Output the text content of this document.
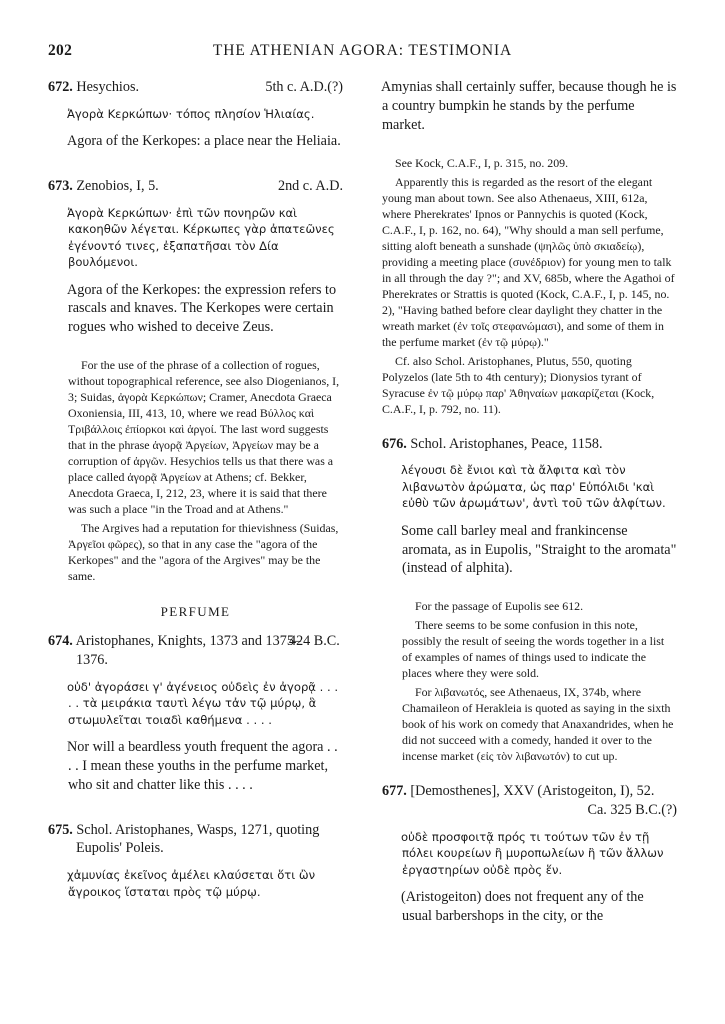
202	THE ATHENIAN AGORA: TESTIMONIA
5th c. A.D.(?)
672. Hesychios.
Ἀγορὰ Κερκώπων· τόπος πλησίον Ἡλιαίας.
Agora of the Kerkopes: a place near the Heliaia.
2nd c. A.D.
673. Zenobios, I, 5.
Ἀγορὰ Κερκώπων· ἐπὶ τῶν πονηρῶν καὶ κακοηθῶν λέγεται. Κέρκωπες γὰρ ἀπατεῶνες ἐγένοντό τινες, ἐξαπατῆσαι τὸν Δία βουλόμενοι.
Agora of the Kerkopes: the expression refers to rascals and knaves. The Kerkopes were certain rogues who wished to deceive Zeus.
For the use of the phrase of a collection of rogues, without topographical reference, see also Diogenianos, I, 3; Suidas, ἀγορὰ Κερκώπων; Cramer, Anecdota Graeca Oxoniensia, III, 413, 10, where we read Βύλλος καὶ Τριβάλλοις ἐπίορκοι καὶ ἀργοί. The last word suggests that in the phrase ἀγορᾷ Ἀργείων, Ἀργείων may be a corruption of ἀργῶν. Hesychios tells us that there was a place called ἀγορᾷ Ἀργείων at Athens; cf. Bekker, Anecdota Graeca, I, 212, 23, where it is said that there was such a place "in the Troad and at Athens."
The Argives had a reputation for thievishness (Suidas, Ἀργεῖοι φῶρες), so that in any case the "agora of the Kerkopes" and the "agora of the Argives" may be the same.
PERFUME
424 B.C.
674. Aristophanes, Knights, 1373 and 1375–1376.
οὐδ' ἀγοράσει γ' ἀγένειος οὐδεὶς ἐν ἀγορᾷ . . . . . τὰ μειράκια ταυτὶ λέγω τἀν τῷ μύρῳ, ἃ στωμυλεῖται τοιαδὶ καθήμενα . . . .
Nor will a beardless youth frequent the agora . . . . I mean these youths in the perfume market, who sit and chatter like this . . . .
675. Schol. Aristophanes, Wasps, 1271, quoting Eupolis' Poleis.
χἀμυνίας ἐκεῖνος ἀμέλει κλαύσεται ὅτι ὢν ἄγροικος ἵσταται πρὸς τῷ μύρῳ.
Amynias shall certainly suffer, because though he is a country bumpkin he stands by the perfume market.
See Kock, C.A.F., I, p. 315, no. 209.
Apparently this is regarded as the resort of the elegant young man about town. See also Athenaeus, XIII, 612a, where Pherekrates' Ipnos or Pannychis is quoted (Kock, C.A.F., I, p. 162, no. 64), "Why should a man sell perfume, sitting aloft beneath a sunshade (ψηλῶς ὑπὸ σκιαδείῳ), providing a meeting place (συνέδριον) for young men to talk in all through the day ?"; and XV, 685b, where the Agathoi of Pherekrates or Strattis is quoted (Kock, C.A.F., I, p. 145, no. 2), "Having bathed before clear daylight they chatter in the wreath market (ἐν τοῖς στεφανώμασι), and some of them in the perfume market (ἐν τῷ μύρῳ)."
Cf. also Schol. Aristophanes, Plutus, 550, quoting Polyzelos (late 5th to 4th century); Dionysios tyrant of Syracuse ἐν τῷ μύρῳ παρ' Ἀθηναίων μακαρίζεται (Kock, C.A.F., I, p. 792, no. 11).
676. Schol. Aristophanes, Peace, 1158.
λέγουσι δὲ ἔνιοι καὶ τὰ ἄλφιτα καὶ τὸν λιβανωτὸν ἀρώματα, ὡς παρ' Εὐπόλιδι 'καὶ εὐθὺ τῶν ἀρωμάτων', ἀντὶ τοῦ τῶν ἀλφίτων.
Some call barley meal and frankincense aromata, as in Eupolis, "Straight to the aromata" (instead of alphita).
For the passage of Eupolis see 612.
There seems to be some confusion in this note, possibly the result of seeing the words together in a list of examples of names of things used to indicate the places where they were sold.
For λιβανωτός, see Athenaeus, IX, 374b, where Chamaileon of Herakleia is quoted as saying in the sixth book of his work on comedy that Anaxandrides, when he did not succeed with a comedy, handed it over to the incense market (εἰς τὸν λιβανωτόν) to cut up.
677. [Demosthenes], XXV (Aristogeiton, I), 52.
Ca. 325 B.C.(?)
οὐδὲ προσφοιτᾷ πρός τι τούτων τῶν ἐν τῇ πόλει κουρείων ἢ μυροπωλείων ἢ τῶν ἄλλων ἐργαστηρίων οὐδὲ πρὸς ἕν.
(Aristogeiton) does not frequent any of the usual barbershops in the city, or the
